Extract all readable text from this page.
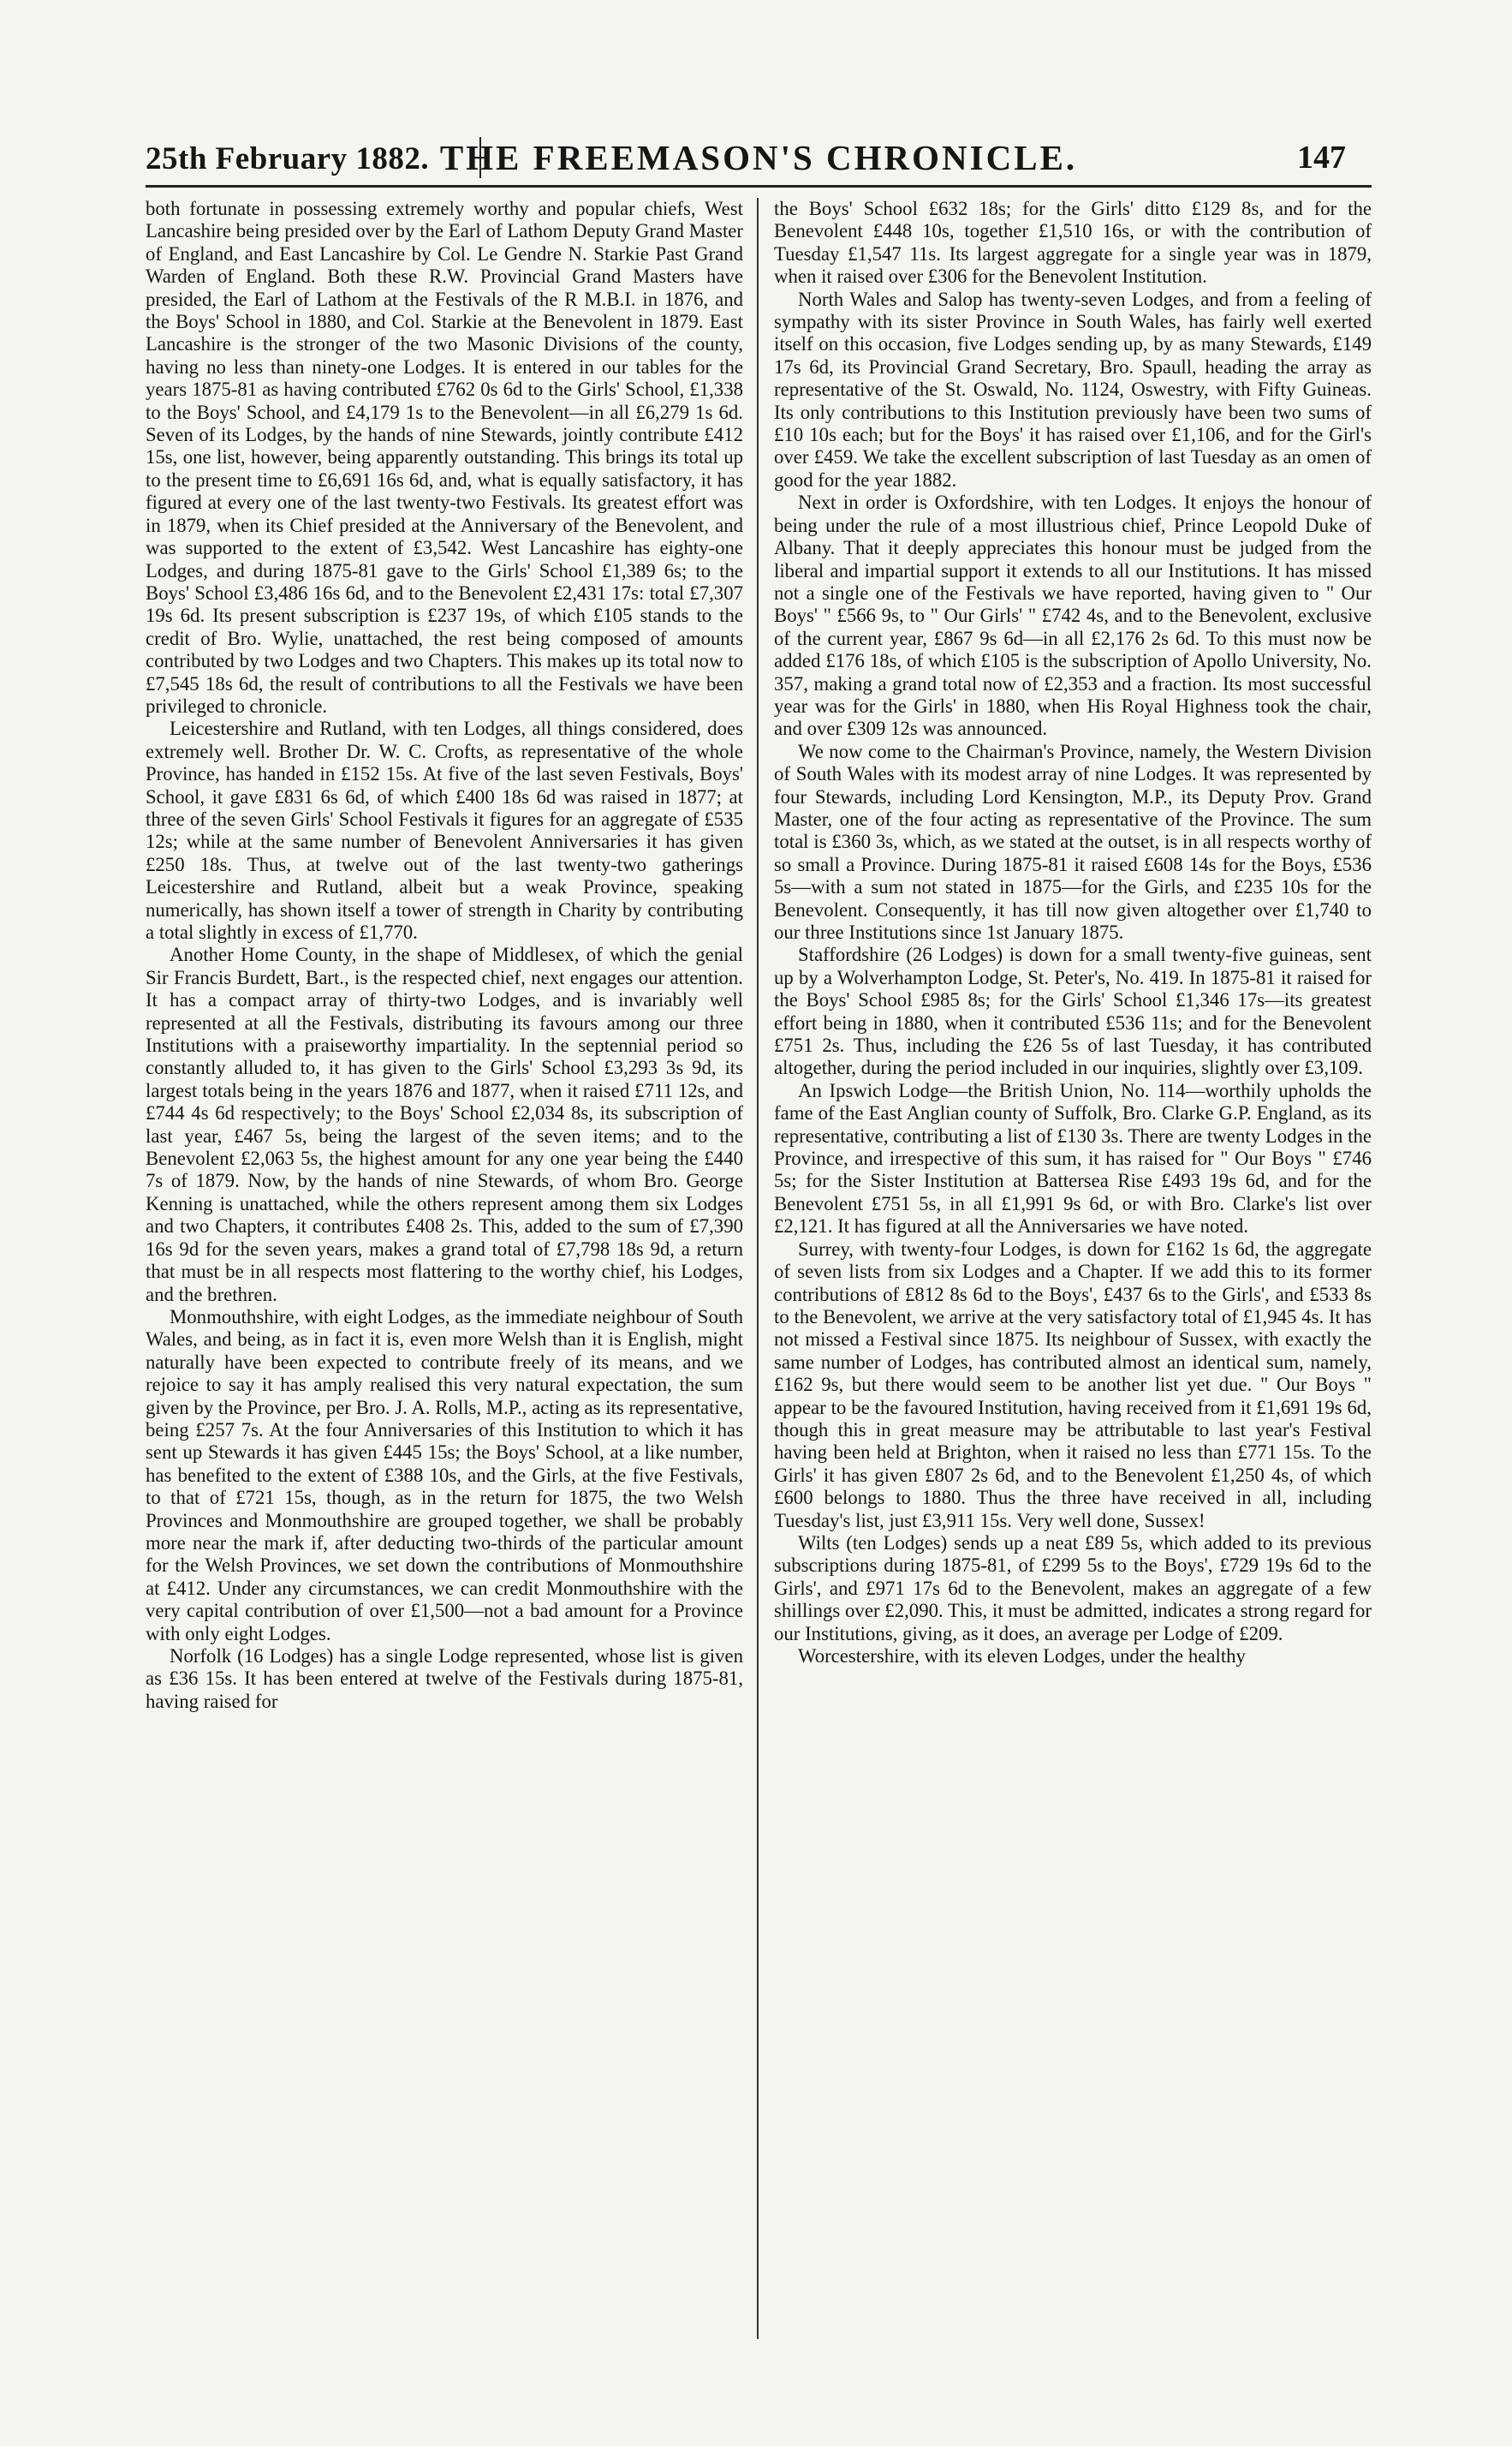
25th February 1882. THE FREEMASON'S CHRONICLE.	147

both fortunate in possessing extremely worthy and popular chiefs, West Lancashire being presided over by the Earl of Lathom Deputy Grand Master of England, and East Lancashire by Col. Le Gendre N. Starkie Past Grand Warden of England. Both these R.W. Provincial Grand Masters have presided, the Earl of Lathom at the Festivals of the R M.B.I. in 1876, and the Boys' School in 1880, and Col. Starkie at the Benevolent in 1879. East Lancashire is the stronger of the two Masonic Divisions of the county, having no less than ninety-one Lodges. It is entered in our tables for the years 1875-81 as having contributed £762 0s 6d to the Girls' School, £1,338 to the Boys' School, and £4,179 1s to the Benevolent—in all £6,279 1s 6d. Seven of its Lodges, by the hands of nine Stewards, jointly contribute £412 15s, one list, however, being apparently outstanding. This brings its total up to the present time to £6,691 16s 6d, and, what is equally satisfactory, it has figured at every one of the last twenty-two Festivals. Its greatest effort was in 1879, when its Chief presided at the Anniversary of the Benevolent, and was supported to the extent of £3,542. West Lancashire has eighty-one Lodges, and during 1875-81 gave to the Girls' School £1,389 6s; to the Boys' School £3,486 16s 6d, and to the Benevolent £2,431 17s: total £7,307 19s 6d. Its present subscription is £237 19s, of which £105 stands to the credit of Bro. Wylie, unattached, the rest being composed of amounts contributed by two Lodges and two Chapters. This makes up its total now to £7,545 18s 6d, the result of contributions to all the Festivals we have been privileged to chronicle.

Leicestershire and Rutland, with ten Lodges, all things considered, does extremely well. Brother Dr. W. C. Crofts, as representative of the whole Province, has handed in £152 15s. At five of the last seven Festivals, Boys' School, it gave £831 6s 6d, of which £400 18s 6d was raised in 1877; at three of the seven Girls' School Festivals it figures for an aggregate of £535 12s; while at the same number of Benevolent Anniversaries it has given £250 18s. Thus, at twelve out of the last twenty-two gatherings Leicestershire and Rutland, albeit but a weak Province, speaking numerically, has shown itself a tower of strength in Charity by contributing a total slightly in excess of £1,770.

Another Home County, in the shape of Middlesex, of which the genial Sir Francis Burdett, Bart., is the respected chief, next engages our attention. It has a compact array of thirty-two Lodges, and is invariably well represented at all the Festivals, distributing its favours among our three Institutions with a praiseworthy impartiality. In the septennial period so constantly alluded to, it has given to the Girls' School £3,293 3s 9d, its largest totals being in the years 1876 and 1877, when it raised £711 12s, and £744 4s 6d respectively; to the Boys' School £2,034 8s, its subscription of last year, £467 5s, being the largest of the seven items; and to the Benevolent £2,063 5s, the highest amount for any one year being the £440 7s of 1879. Now, by the hands of nine Stewards, of whom Bro. George Kenning is unattached, while the others represent among them six Lodges and two Chapters, it contributes £408 2s. This, added to the sum of £7,390 16s 9d for the seven years, makes a grand total of £7,798 18s 9d, a return that must be in all respects most flattering to the worthy chief, his Lodges, and the brethren.

Monmouthshire, with eight Lodges, as the immediate neighbour of South Wales, and being, as in fact it is, even more Welsh than it is English, might naturally have been expected to contribute freely of its means, and we rejoice to say it has amply realised this very natural expectation, the sum given by the Province, per Bro. J. A. Rolls, M.P., acting as its representative, being £257 7s. At the four Anniversaries of this Institution to which it has sent up Stewards it has given £445 15s; the Boys' School, at a like number, has benefited to the extent of £388 10s, and the Girls, at the five Festivals, to that of £721 15s, though, as in the return for 1875, the two Welsh Provinces and Monmouthshire are grouped together, we shall be probably more near the mark if, after deducting two-thirds of the particular amount for the Welsh Provinces, we set down the contributions of Monmouthshire at £412. Under any circumstances, we can credit Monmouthshire with the very capital contribution of over £1,500—not a bad amount for a Province with only eight Lodges.

Norfolk (16 Lodges) has a single Lodge represented, whose list is given as £36 15s. It has been entered at twelve of the Festivals during 1875-81, having raised for

the Boys' School £632 18s; for the Girls' ditto £129 8s, and for the Benevolent £448 10s, together £1,510 16s, or with the contribution of Tuesday £1,547 11s. Its largest aggregate for a single year was in 1879, when it raised over £306 for the Benevolent Institution.

North Wales and Salop has twenty-seven Lodges, and from a feeling of sympathy with its sister Province in South Wales, has fairly well exerted itself on this occasion, five Lodges sending up, by as many Stewards, £149 17s 6d, its Provincial Grand Secretary, Bro. Spaull, heading the array as representative of the St. Oswald, No. 1124, Oswestry, with Fifty Guineas. Its only contributions to this Institution previously have been two sums of £10 10s each; but for the Boys' it has raised over £1,106, and for the Girl's over £459. We take the excellent subscription of last Tuesday as an omen of good for the year 1882.

Next in order is Oxfordshire, with ten Lodges. It enjoys the honour of being under the rule of a most illustrious chief, Prince Leopold Duke of Albany. That it deeply appreciates this honour must be judged from the liberal and impartial support it extends to all our Institutions. It has missed not a single one of the Festivals we have reported, having given to " Our Boys' " £566 9s, to " Our Girls' " £742 4s, and to the Benevolent, exclusive of the current year, £867 9s 6d—in all £2,176 2s 6d. To this must now be added £176 18s, of which £105 is the subscription of Apollo University, No. 357, making a grand total now of £2,353 and a fraction. Its most successful year was for the Girls' in 1880, when His Royal Highness took the chair, and over £309 12s was announced.

We now come to the Chairman's Province, namely, the Western Division of South Wales with its modest array of nine Lodges. It was represented by four Stewards, including Lord Kensington, M.P., its Deputy Prov. Grand Master, one of the four acting as representative of the Province. The sum total is £360 3s, which, as we stated at the outset, is in all respects worthy of so small a Province. During 1875-81 it raised £608 14s for the Boys, £536 5s—with a sum not stated in 1875—for the Girls, and £235 10s for the Benevolent. Consequently, it has till now given altogether over £1,740 to our three Institutions since 1st January 1875.

Staffordshire (26 Lodges) is down for a small twenty-five guineas, sent up by a Wolverhampton Lodge, St. Peter's, No. 419. In 1875-81 it raised for the Boys' School £985 8s; for the Girls' School £1,346 17s—its greatest effort being in 1880, when it contributed £536 11s; and for the Benevolent £751 2s. Thus, including the £26 5s of last Tuesday, it has contributed altogether, during the period included in our inquiries, slightly over £3,109.

An Ipswich Lodge—the British Union, No. 114—worthily upholds the fame of the East Anglian county of Suffolk, Bro. Clarke G.P. England, as its representative, contributing a list of £130 3s. There are twenty Lodges in the Province, and irrespective of this sum, it has raised for " Our Boys " £746 5s; for the Sister Institution at Battersea Rise £493 19s 6d, and for the Benevolent £751 5s, in all £1,991 9s 6d, or with Bro. Clarke's list over £2,121. It has figured at all the Anniversaries we have noted.

Surrey, with twenty-four Lodges, is down for £162 1s 6d, the aggregate of seven lists from six Lodges and a Chapter. If we add this to its former contributions of £812 8s 6d to the Boys', £437 6s to the Girls', and £533 8s to the Benevolent, we arrive at the very satisfactory total of £1,945 4s. It has not missed a Festival since 1875. Its neighbour of Sussex, with exactly the same number of Lodges, has contributed almost an identical sum, namely, £162 9s, but there would seem to be another list yet due. " Our Boys " appear to be the favoured Institution, having received from it £1,691 19s 6d, though this in great measure may be attributable to last year's Festival having been held at Brighton, when it raised no less than £771 15s. To the Girls' it has given £807 2s 6d, and to the Benevolent £1,250 4s, of which £600 belongs to 1880. Thus the three have received in all, including Tuesday's list, just £3,911 15s. Very well done, Sussex!

Wilts (ten Lodges) sends up a neat £89 5s, which added to its previous subscriptions during 1875-81, of £299 5s to the Boys', £729 19s 6d to the Girls', and £971 17s 6d to the Benevolent, makes an aggregate of a few shillings over £2,090. This, it must be admitted, indicates a strong regard for our Institutions, giving, as it does, an average per Lodge of £209.

Worcestershire, with its eleven Lodges, under the healthy
